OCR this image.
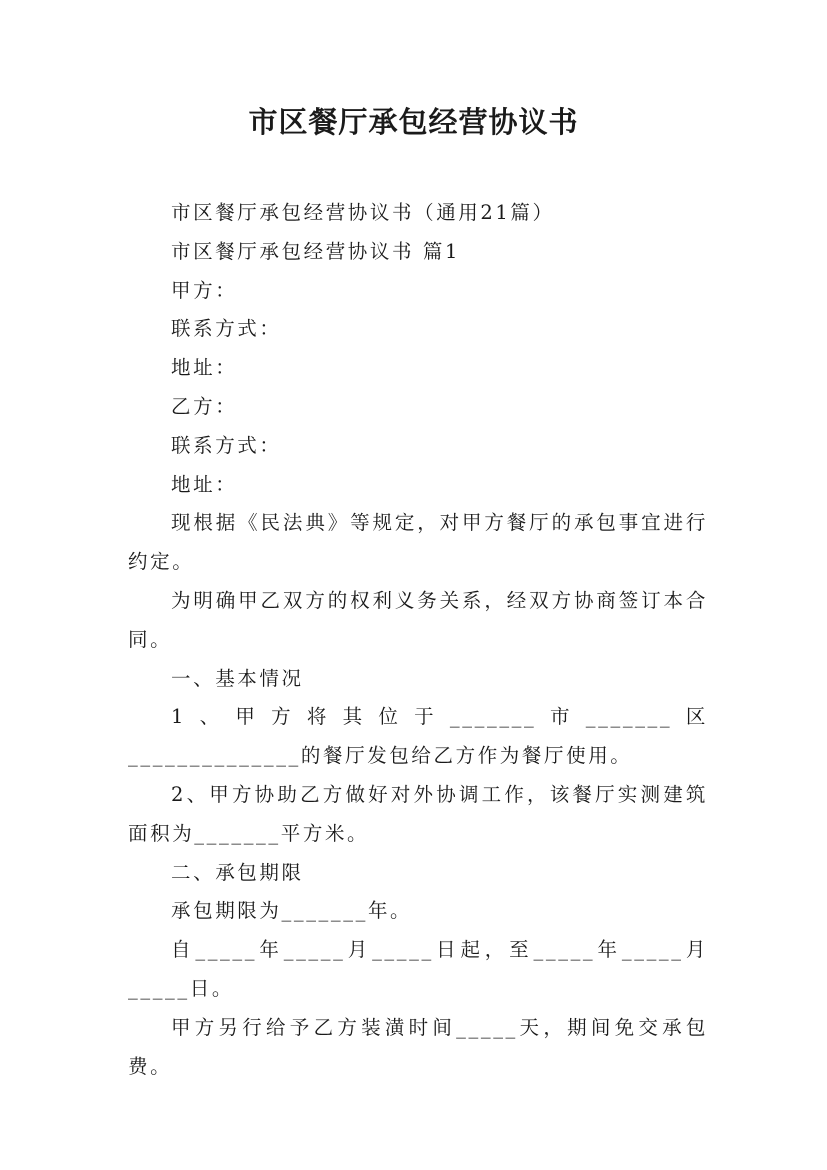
市区餐厅承包经营协议书

市区餐厅承包经营协议书（通用21篇）

市区餐厅承包经营协议书 篇1

甲方：

联系方式：

地址：

乙方：

联系方式：

地址：

现根据《民法典》等规定，对甲方餐厅的承包事宜进行约定。

为明确甲乙双方的权利义务关系，经双方协商签订本合同。

一、基本情况

1、甲方将其位于_______市_______区______________的餐厅发包给乙方作为餐厅使用。

2、甲方协助乙方做好对外协调工作，该餐厅实测建筑面积为_______平方米。

二、承包期限

承包期限为_______年。

自_____年_____月_____日起，至_____年_____月_____日。

甲方另行给予乙方装潢时间_____天，期间免交承包费。
